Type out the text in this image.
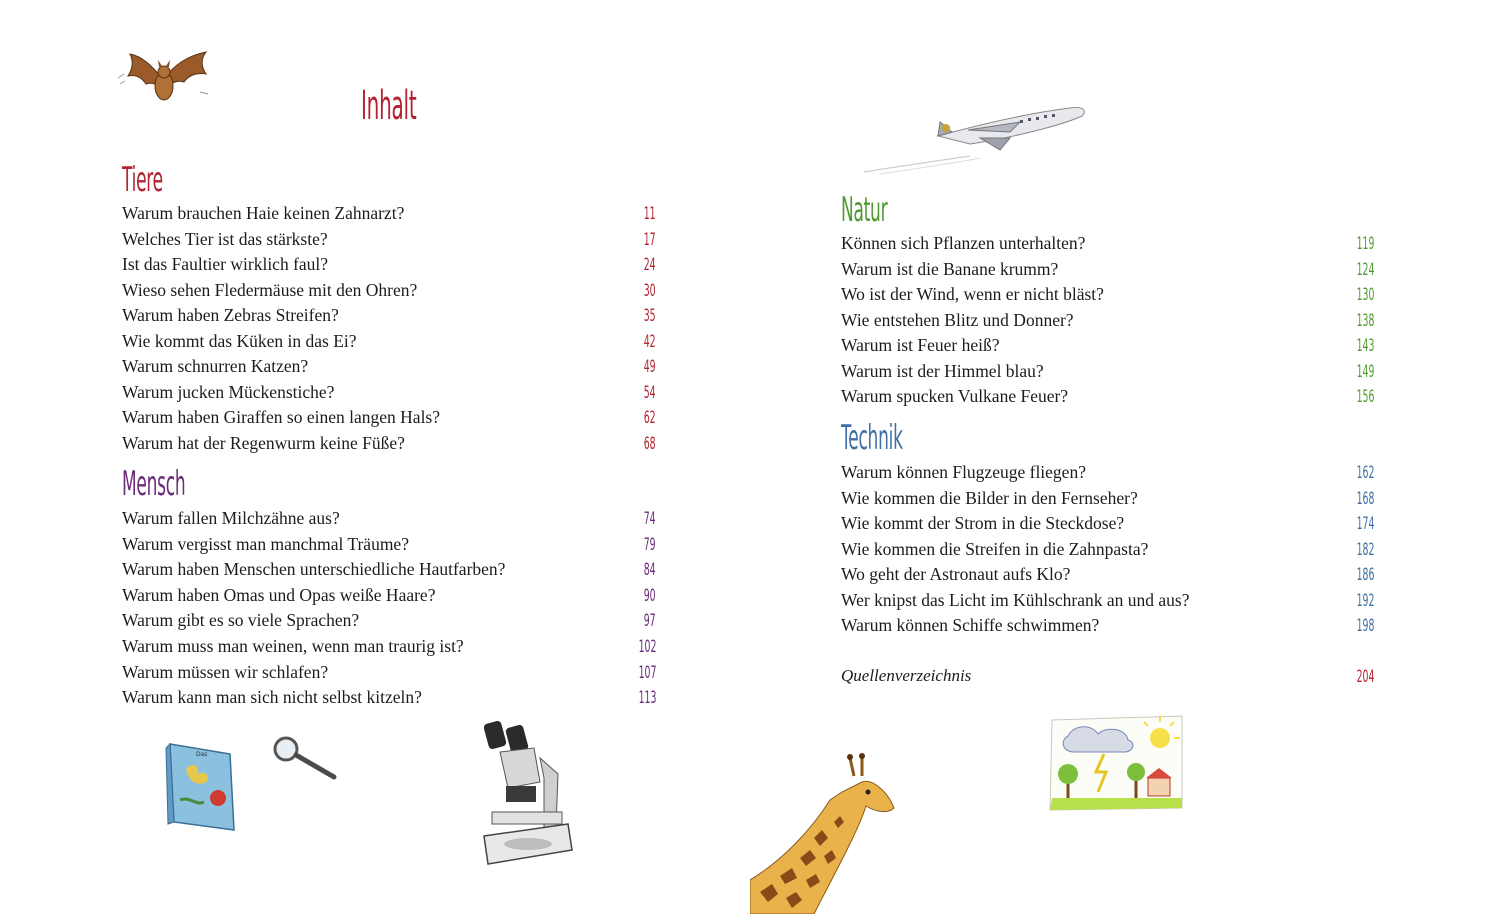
Das
Inhalt
Tiere
Warum brauchen Haie keinen Zahnarzt?	11
Welches Tier ist das stärkste?	17
Ist das Faultier wirklich faul?	24
Wieso sehen Fledermäuse mit den Ohren?	30
Warum haben Zebras Streifen?	35
Wie kommt das Küken in das Ei?	42
Warum schnurren Katzen?	49
Warum jucken Mückenstiche?	54
Warum haben Giraffen so einen langen Hals?	62
Warum hat der Regenwurm keine Füße?	68
Mensch
Warum fallen Milchzähne aus?	74
Warum vergisst man manchmal Träume?	79
Warum haben Menschen unterschiedliche Hautfarben?	84
Warum haben Omas und Opas weiße Haare?	90
Warum gibt es so viele Sprachen?	97
Warum muss man weinen, wenn man traurig ist?	102
Warum müssen wir schlafen?	107
Warum kann man sich nicht selbst kitzeln?	113
Natur
Können sich Pflanzen unterhalten?	119
Warum ist die Banane krumm?	124
Wo ist der Wind, wenn er nicht bläst?	130
Wie entstehen Blitz und Donner?	138
Warum ist Feuer heiß?	143
Warum ist der Himmel blau?	149
Warum spucken Vulkane Feuer?	156
Technik
Warum können Flugzeuge fliegen?	162
Wie kommen die Bilder in den Fernseher?	168
Wie kommt der Strom in die Steckdose?	174
Wie kommen die Streifen in die Zahnpasta?	182
Wo geht der Astronaut aufs Klo?	186
Wer knipst das Licht im Kühlschrank an und aus?	192
Warum können Schiffe schwimmen?	198
Quellenverzeichnis	204
